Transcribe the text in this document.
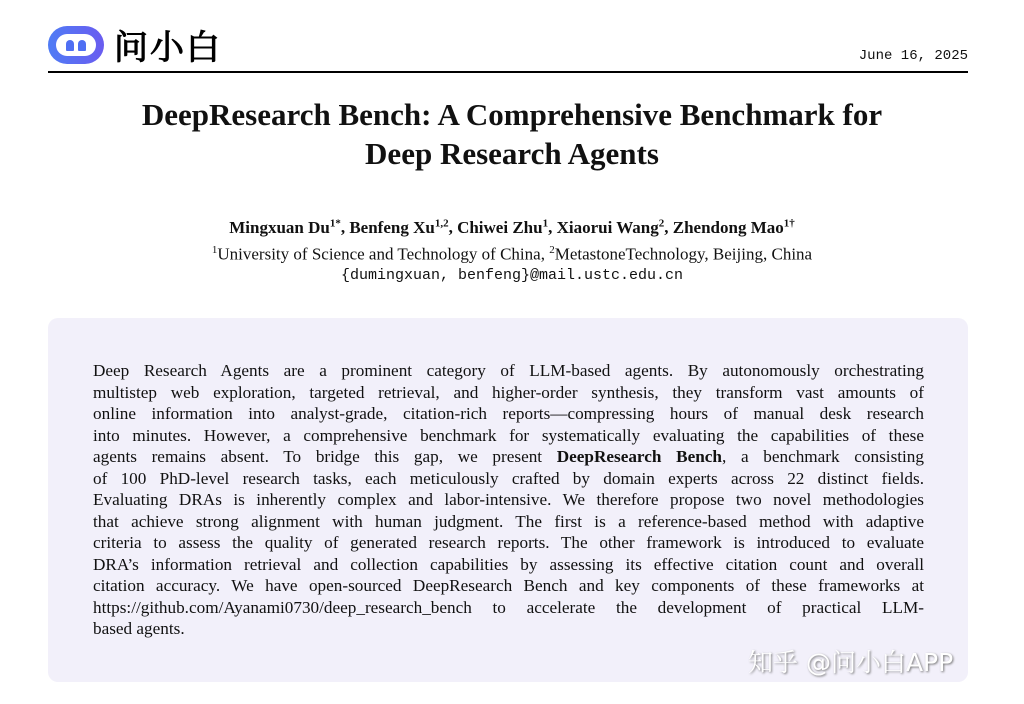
问小白	June 16, 2025
DeepResearch Bench: A Comprehensive Benchmark for
Deep Research Agents
Mingxuan $Du^{1*}$, Benfeng Xu$^{1,2}$, Chiwei Zhu$^1$, Xiaorui Wang$^2$, Zhendong Mao$^{1\dagger}$
$^1$University of Science and Technology of China, $^2$MetastoneTechnology, Beijing, China
{dumingxuan, benfeng}@mail.ustc.edu.cn
Deep Research Agents are a prominent category of LLM-based agents. By autonomously orchestrating
multistep web exploration, targeted retrieval, and higher-order synthesis, they transform vast amounts of
online information into analyst-grade, citation-rich reports—compressing hours of manual desk research
into minutes. However, a comprehensive benchmark for systematically evaluating the capabilities of these
agents remains absent. To bridge this gap, we present DeepResearch Bench, a benchmark consisting
of 100 PhD-level research tasks, each meticulously crafted by domain experts across 22 distinct fields.
Evaluating DRAs is inherently complex and labor-intensive. We therefore propose two novel methodologies
that achieve strong alignment with human judgment. The first is a reference-based method with adaptive
criteria to assess the quality of generated research reports. The other framework is introduced to evaluate
DRA’s information retrieval and collection capabilities by assessing its effective citation count and overall
citation accuracy. We have open-sourced DeepResearch Bench and key components of these frameworks at
https://github.com/Ayanami0730/deep_research_bench to accelerate the development of practical LLM-
based agents.
知乎 @问小白APP
